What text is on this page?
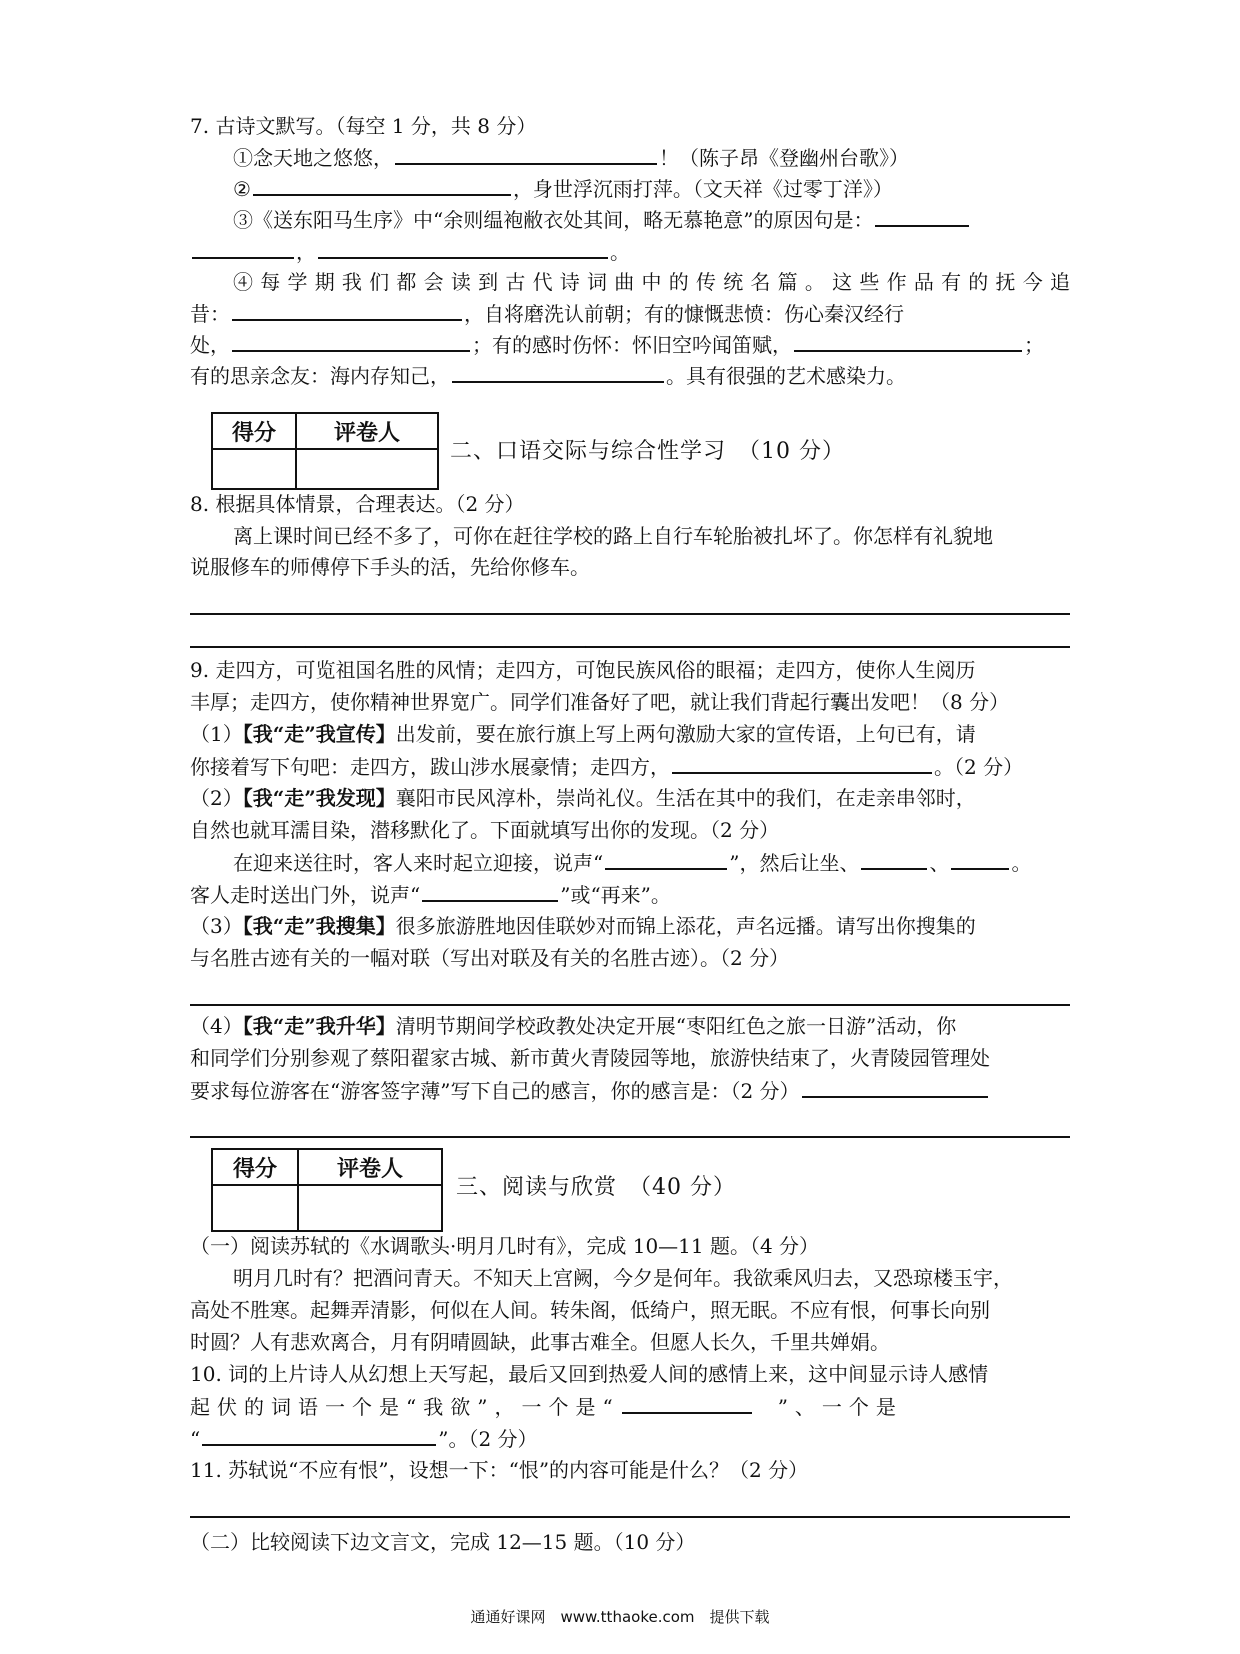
7. 古诗文默写。（每空 1 分，共 8 分）
①念天地之悠悠，	！（陈子昂《登幽州台歌》）
②	，身世浮沉雨打萍。（文天祥《过零丁洋》）
③《送东阳马生序》中“余则缊袍敝衣处其间，略无慕艳意”的原因句是：
，	。
④每学期我们都会读到古代诗词曲中的传统名篇。这些作品有的抚今追
昔：	，自将磨洗认前朝；有的慷慨悲愤：伤心秦汉经行
处，	；有的感时伤怀：怀旧空吟闻笛赋，	；
有的思亲念友：海内存知己，	。具有很强的艺术感染力。
得分	评卷人

二、口语交际与综合性学习　（10 分）
8. 根据具体情景，合理表达。（2 分）
离上课时间已经不多了，可你在赶往学校的路上自行车轮胎被扎坏了。你怎样有礼貌地
说服修车的师傅停下手头的活，先给你修车。
9. 走四方，可览祖国名胜的风情；走四方，可饱民族风俗的眼福；走四方，使你人生阅历
丰厚；走四方，使你精神世界宽广。同学们准备好了吧，就让我们背起行囊出发吧！（8 分）
（1）【我“走”我宣传】出发前，要在旅行旗上写上两句激励大家的宣传语，上句已有，请
你接着写下句吧：走四方，跋山涉水展豪情；走四方，	。（2 分）
（2）【我“走”我发现】襄阳市民风淳朴，崇尚礼仪。生活在其中的我们，在走亲串邻时，
自然也就耳濡目染，潜移默化了。下面就填写出你的发现。（2 分）
在迎来送往时，客人来时起立迎接，说声“	”，然后让坐、	、	。
客人走时送出门外，说声“	”或“再来”。
（3）【我“走”我搜集】很多旅游胜地因佳联妙对而锦上添花，声名远播。请写出你搜集的
与名胜古迹有关的一幅对联（写出对联及有关的名胜古迹）。（2 分）
（4）【我“走”我升华】清明节期间学校政教处决定开展“枣阳红色之旅一日游”活动，你
和同学们分别参观了蔡阳翟家古城、新市黄火青陵园等地，旅游快结束了，火青陵园管理处
要求每位游客在“游客签字薄”写下自己的感言，你的感言是：（2 分）
得分	评卷人

三、阅读与欣赏　（40 分）
（一）阅读苏轼的《水调歌头·明月几时有》，完成 10—11 题。（4 分）
明月几时有？把酒问青天。不知天上宫阙，今夕是何年。我欲乘风归去，又恐琼楼玉宇，
高处不胜寒。起舞弄清影，何似在人间。转朱阁，低绮户，照无眠。不应有恨，何事长向别
时圆？人有悲欢离合，月有阴晴圆缺，此事古难全。但愿人长久，千里共婵娟。
10. 词的上片诗人从幻想上天写起，最后又回到热爱人间的感情上来，这中间显示诗人感情
起伏的词语一个是“我欲”，一个是“	”、一个是
“	”。（2 分）
11. 苏轼说“不应有恨”，设想一下：“恨”的内容可能是什么？（2 分）
（二）比较阅读下边文言文，完成 12—15 题。（10 分）
通通好课网　www.tthaoke.com　提供下载
